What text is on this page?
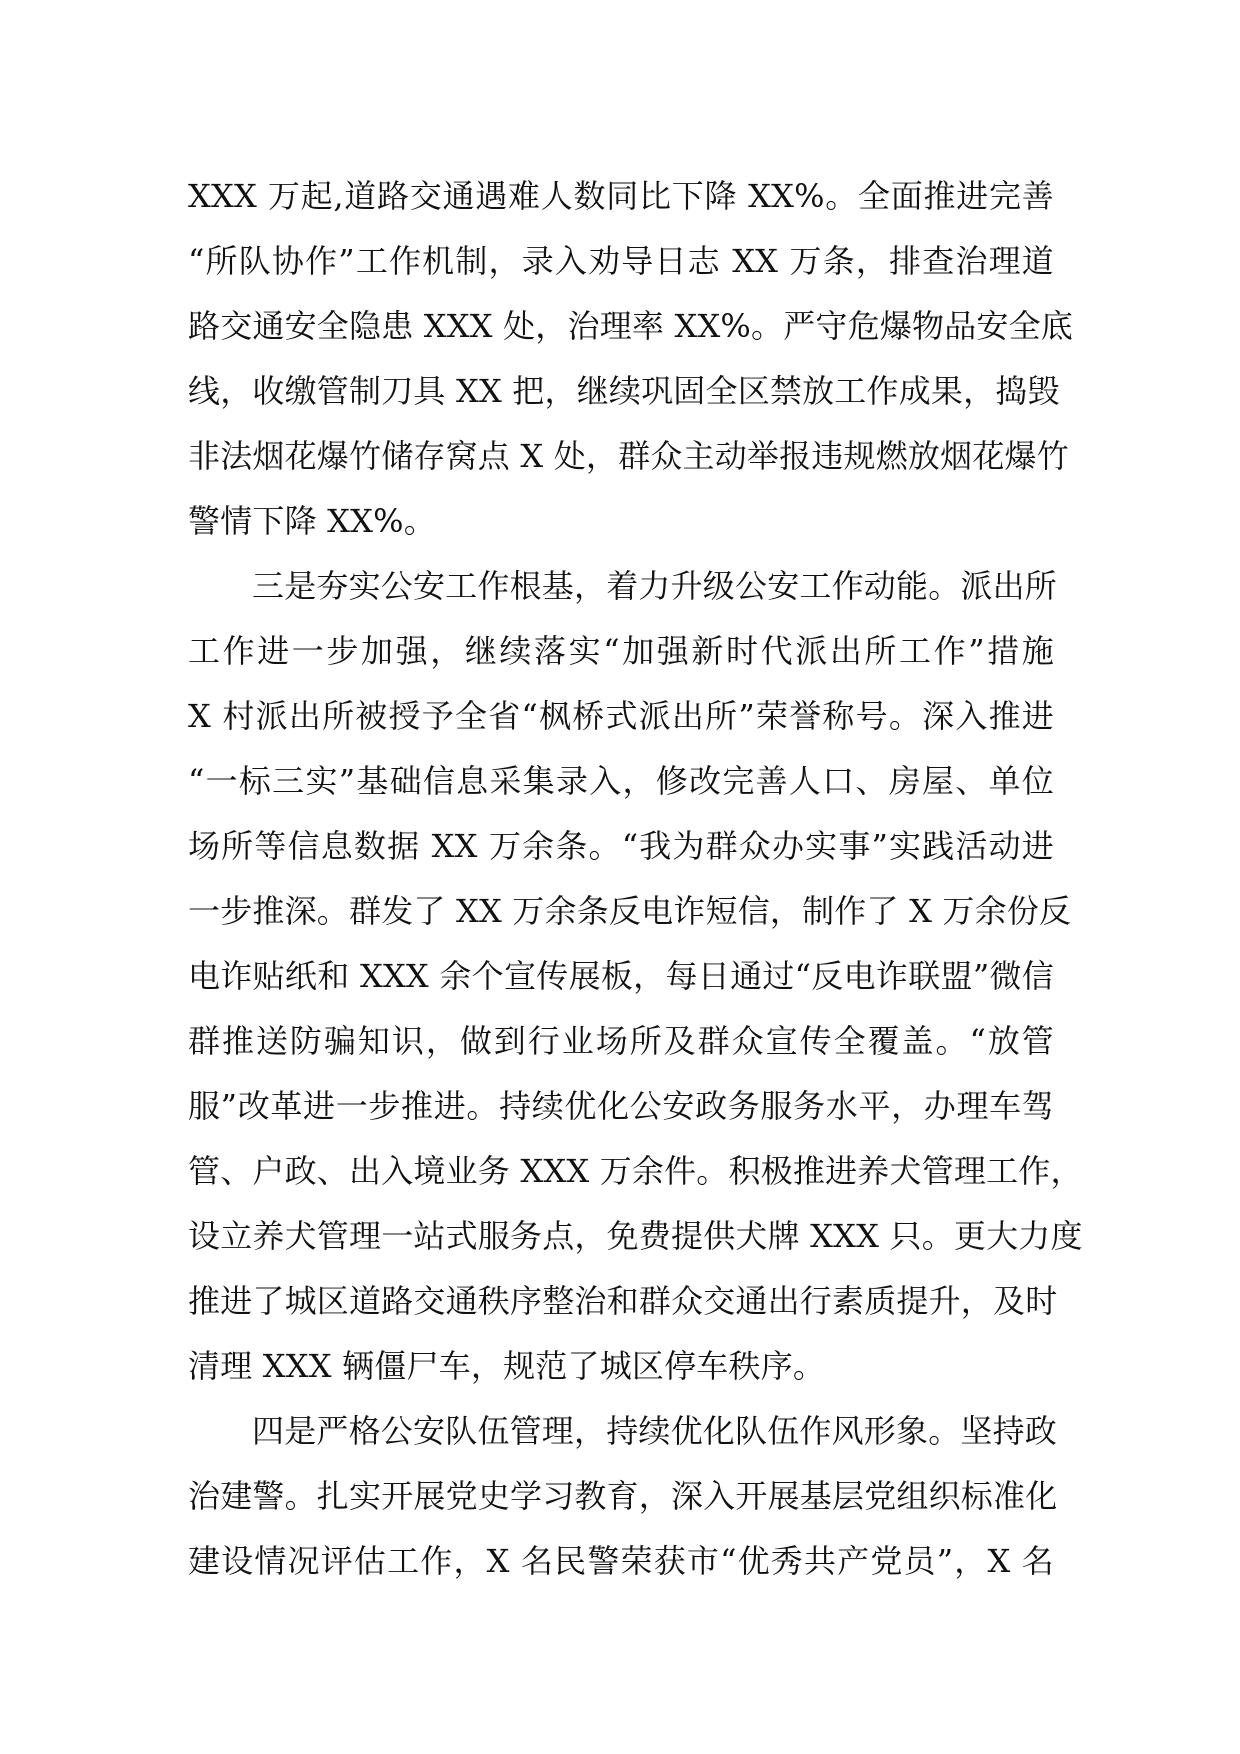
XXX 万起,道路交通遇难人数同比下降 XX%。全面推进完善
“所队协作”工作机制，录入劝导日志 XX 万条，排查治理道
路交通安全隐患 XXX 处，治理率 XX%。严守危爆物品安全底
线，收缴管制刀具 XX 把，继续巩固全区禁放工作成果，捣毁
非法烟花爆竹储存窝点 X 处，群众主动举报违规燃放烟花爆竹
警情下降 XX%。
三是夯实公安工作根基，着力升级公安工作动能。派出所
工作进一步加强，继续落实“加强新时代派出所工作”措施
X 村派出所被授予全省“枫桥式派出所”荣誉称号。深入推进
“一标三实”基础信息采集录入，修改完善人口、房屋、单位
场所等信息数据 XX 万余条。“我为群众办实事”实践活动进
一步推深。群发了 XX 万余条反电诈短信，制作了 X 万余份反
电诈贴纸和 XXX 余个宣传展板，每日通过“反电诈联盟”微信
群推送防骗知识，做到行业场所及群众宣传全覆盖。“放管
服”改革进一步推进。持续优化公安政务服务水平，办理车驾
管、户政、出入境业务 XXX 万余件。积极推进养犬管理工作，
设立养犬管理一站式服务点，免费提供犬牌 XXX 只。更大力度
推进了城区道路交通秩序整治和群众交通出行素质提升，及时
清理 XXX 辆僵尸车，规范了城区停车秩序。
四是严格公安队伍管理，持续优化队伍作风形象。坚持政
治建警。扎实开展党史学习教育，深入开展基层党组织标准化
建设情况评估工作，X 名民警荣获市“优秀共产党员”，X 名
